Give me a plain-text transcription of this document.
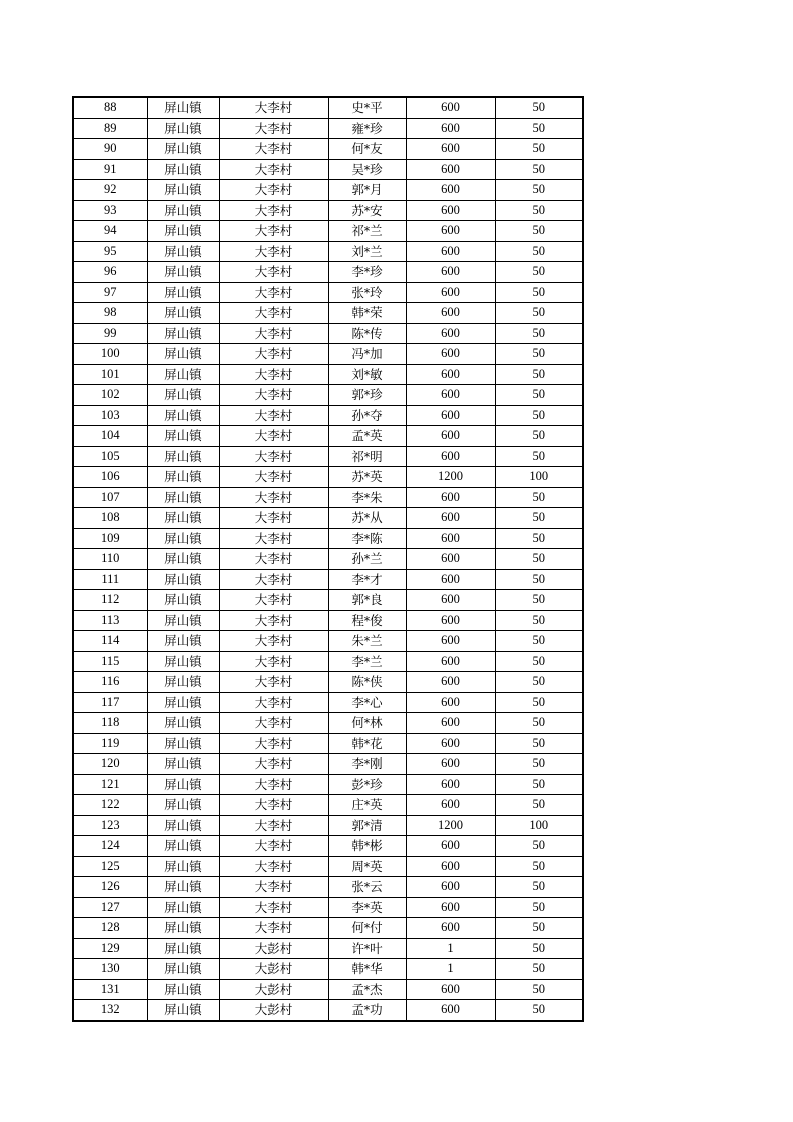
88	屏山镇	大李村	史*平	600	50
89	屏山镇	大李村	雍*珍	600	50
90	屏山镇	大李村	何*友	600	50
91	屏山镇	大李村	吴*珍	600	50
92	屏山镇	大李村	郭*月	600	50
93	屏山镇	大李村	苏*安	600	50
94	屏山镇	大李村	祁*兰	600	50
95	屏山镇	大李村	刘*兰	600	50
96	屏山镇	大李村	李*珍	600	50
97	屏山镇	大李村	张*玲	600	50
98	屏山镇	大李村	韩*荣	600	50
99	屏山镇	大李村	陈*传	600	50
100	屏山镇	大李村	冯*加	600	50
101	屏山镇	大李村	刘*敏	600	50
102	屏山镇	大李村	郭*珍	600	50
103	屏山镇	大李村	孙*夺	600	50
104	屏山镇	大李村	孟*英	600	50
105	屏山镇	大李村	祁*明	600	50
106	屏山镇	大李村	苏*英	1200	100
107	屏山镇	大李村	李*朱	600	50
108	屏山镇	大李村	苏*从	600	50
109	屏山镇	大李村	李*陈	600	50
110	屏山镇	大李村	孙*兰	600	50
111	屏山镇	大李村	李*才	600	50
112	屏山镇	大李村	郭*良	600	50
113	屏山镇	大李村	程*俊	600	50
114	屏山镇	大李村	朱*兰	600	50
115	屏山镇	大李村	李*兰	600	50
116	屏山镇	大李村	陈*侠	600	50
117	屏山镇	大李村	李*心	600	50
118	屏山镇	大李村	何*林	600	50
119	屏山镇	大李村	韩*花	600	50
120	屏山镇	大李村	李*刚	600	50
121	屏山镇	大李村	彭*珍	600	50
122	屏山镇	大李村	庄*英	600	50
123	屏山镇	大李村	郭*清	1200	100
124	屏山镇	大李村	韩*彬	600	50
125	屏山镇	大李村	周*英	600	50
126	屏山镇	大李村	张*云	600	50
127	屏山镇	大李村	李*英	600	50
128	屏山镇	大李村	何*付	600	50
129	屏山镇	大彭村	许*叶	1	50
130	屏山镇	大彭村	韩*华	1	50
131	屏山镇	大彭村	孟*杰	600	50
132	屏山镇	大彭村	孟*功	600	50
